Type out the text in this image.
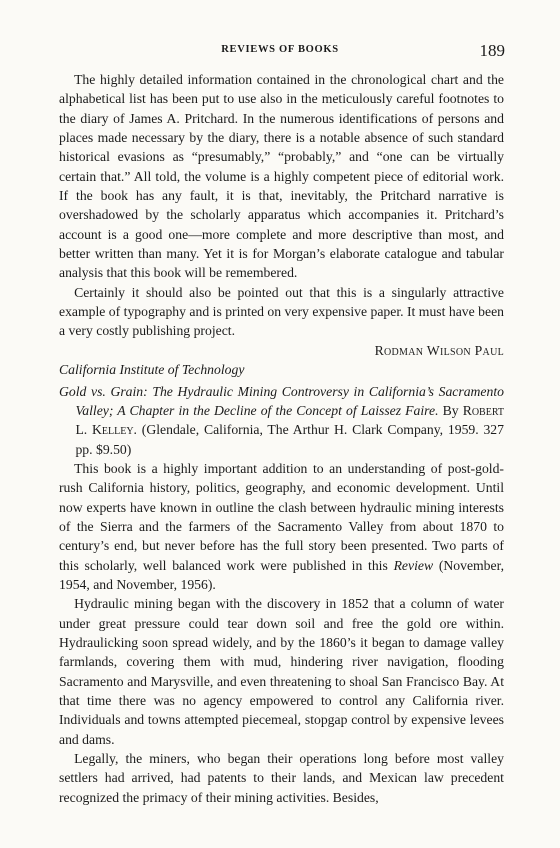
REVIEWS OF BOOKS	189

The highly detailed information contained in the chronological chart and the alphabetical list has been put to use also in the meticulously careful footnotes to the diary of James A. Pritchard. In the numerous identifications of persons and places made necessary by the diary, there is a notable absence of such standard historical evasions as “presumably,” “probably,” and “one can be virtually certain that.” All told, the volume is a highly competent piece of editorial work. If the book has any fault, it is that, inevitably, the Pritchard narrative is overshadowed by the scholarly apparatus which accompanies it. Pritchard’s account is a good one—more complete and more descriptive than most, and better written than many. Yet it is for Morgan’s elaborate catalogue and tabular analysis that this book will be remembered.

Certainly it should also be pointed out that this is a singularly attractive example of typography and is printed on very expensive paper. It must have been a very costly publishing project.

Rodman Wilson Paul

California Institute of Technology

Gold vs. Grain: The Hydraulic Mining Controversy in California’s Sacramento Valley; A Chapter in the Decline of the Concept of Laissez Faire. By Robert L. Kelley. (Glendale, California, The Arthur H. Clark Company, 1959. 327 pp. $9.50)

This book is a highly important addition to an understanding of post-gold-rush California history, politics, geography, and economic development. Until now experts have known in outline the clash between hydraulic mining interests of the Sierra and the farmers of the Sacramento Valley from about 1870 to century’s end, but never before has the full story been presented. Two parts of this scholarly, well balanced work were published in this Review (November, 1954, and November, 1956).

Hydraulic mining began with the discovery in 1852 that a column of water under great pressure could tear down soil and free the gold ore within. Hydraulicking soon spread widely, and by the 1860’s it began to damage valley farmlands, covering them with mud, hindering river navigation, flooding Sacramento and Marysville, and even threatening to shoal San Francisco Bay. At that time there was no agency empowered to control any California river. Individuals and towns attempted piecemeal, stopgap control by expensive levees and dams.

Legally, the miners, who began their operations long before most valley settlers had arrived, had patents to their lands, and Mexican law precedent recognized the primacy of their mining activities. Besides,
